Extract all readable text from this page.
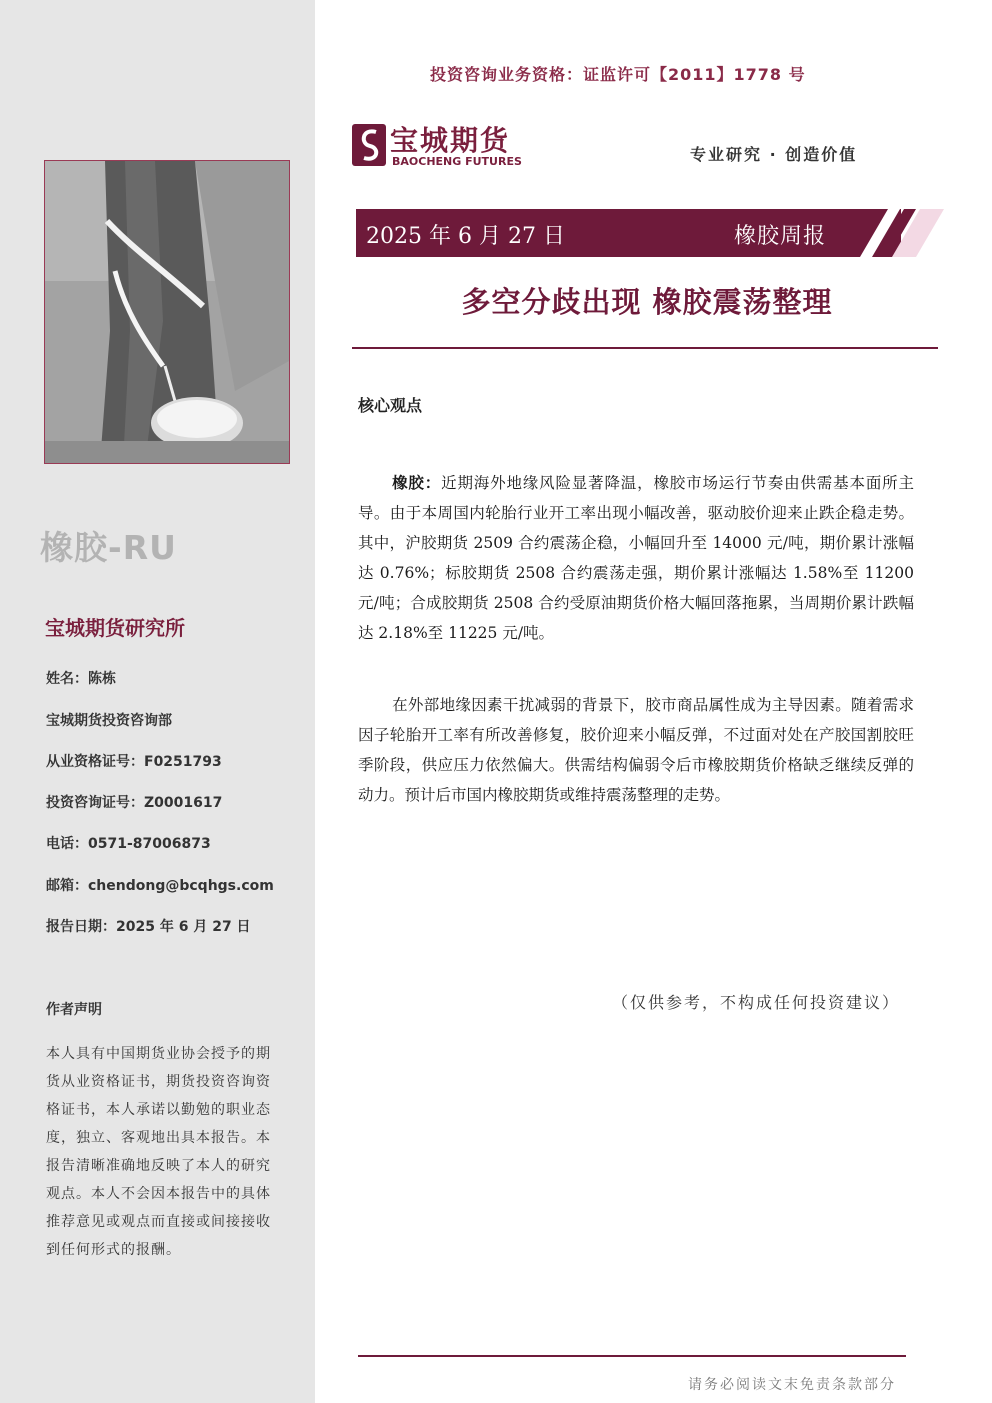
橡胶-RU
宝城期货研究所
姓名：陈栋
宝城期货投资咨询部
从业资格证号：F0251793
投资咨询证号：Z0001617
电话：0571-87006873
邮箱：chendong@bcqhgs.com
报告日期：2025 年 6 月 27 日
作者声明
本人具有中国期货业协会授予的期货从业资格证书，期货投资咨询资格证书，本人承诺以勤勉的职业态度，独立、客观地出具本报告。本报告清晰准确地反映了本人的研究观点。本人不会因本报告中的具体推荐意见或观点而直接或间接接收到任何形式的报酬。
投资咨询业务资格：证监许可【2011】1778 号
宝城期货
BAOCHENG FUTURES	专业研究 · 创造价值
2025 年 6 月 27 日	橡胶周报
多空分歧出现 橡胶震荡整理
核心观点
橡胶：近期海外地缘风险显著降温，橡胶市场运行节奏由供需基本面所主导。由于本周国内轮胎行业开工率出现小幅改善，驱动胶价迎来止跌企稳走势。其中，沪胶期货 2509 合约震荡企稳，小幅回升至 14000 元/吨，期价累计涨幅达 0.76%；标胶期货 2508 合约震荡走强，期价累计涨幅达 1.58%至 11200 元/吨；合成胶期货 2508 合约受原油期货价格大幅回落拖累，当周期价累计跌幅达 2.18%至 11225 元/吨。
在外部地缘因素干扰减弱的背景下，胶市商品属性成为主导因素。随着需求因子轮胎开工率有所改善修复，胶价迎来小幅反弹，不过面对处在产胶国割胶旺季阶段，供应压力依然偏大。供需结构偏弱令后市橡胶期货价格缺乏继续反弹的动力。预计后市国内橡胶期货或维持震荡整理的走势。
（仅供参考，不构成任何投资建议）
请务必阅读文末免责条款部分
